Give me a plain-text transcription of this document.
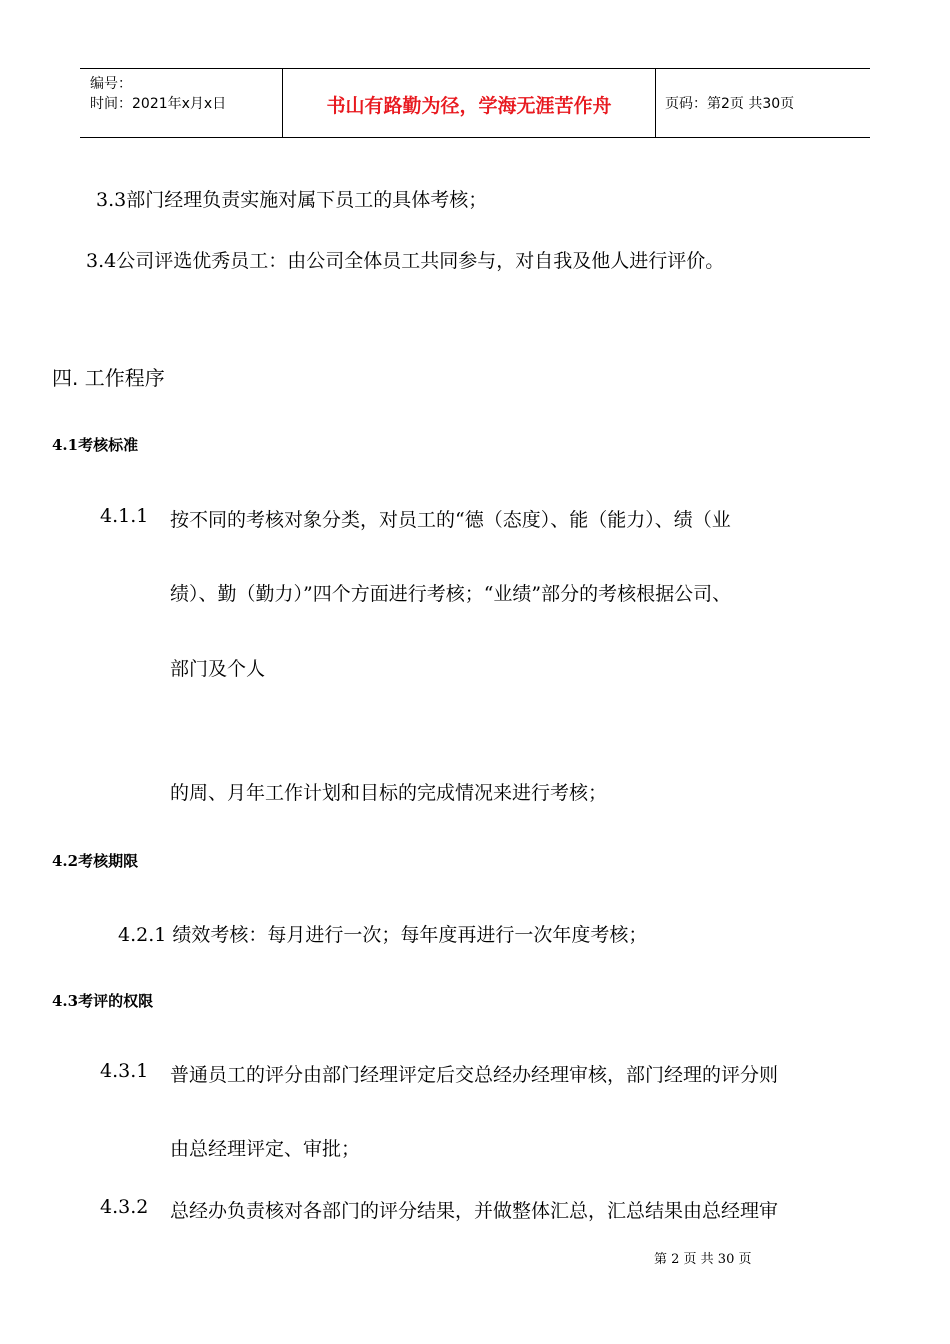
编号：
时间：2021年x月x日	书山有路勤为径，学海无涯苦作舟	页码：第2页 共30页
3.3部门经理负责实施对属下员工的具体考核；
3.4公司评选优秀员工：由公司全体员工共同参与，对自我及他人进行评价。
四. 工作程序
4.1考核标准
4.1.1 按不同的考核对象分类，对员工的“德（态度）、能（能力）、绩（业
绩）、勤（勤力）”四个方面进行考核；“业绩”部分的考核根据公司、
部门及个人
的周、月年工作计划和目标的完成情况来进行考核；
4.2考核期限
4.2.1 绩效考核：每月进行一次；每年度再进行一次年度考核；
4.3考评的权限
4.3.1 普通员工的评分由部门经理评定后交总经办经理审核，部门经理的评分则
由总经理评定、审批；
4.3.2 总经办负责核对各部门的评分结果，并做整体汇总，汇总结果由总经理审
第 2 页 共 30 页
